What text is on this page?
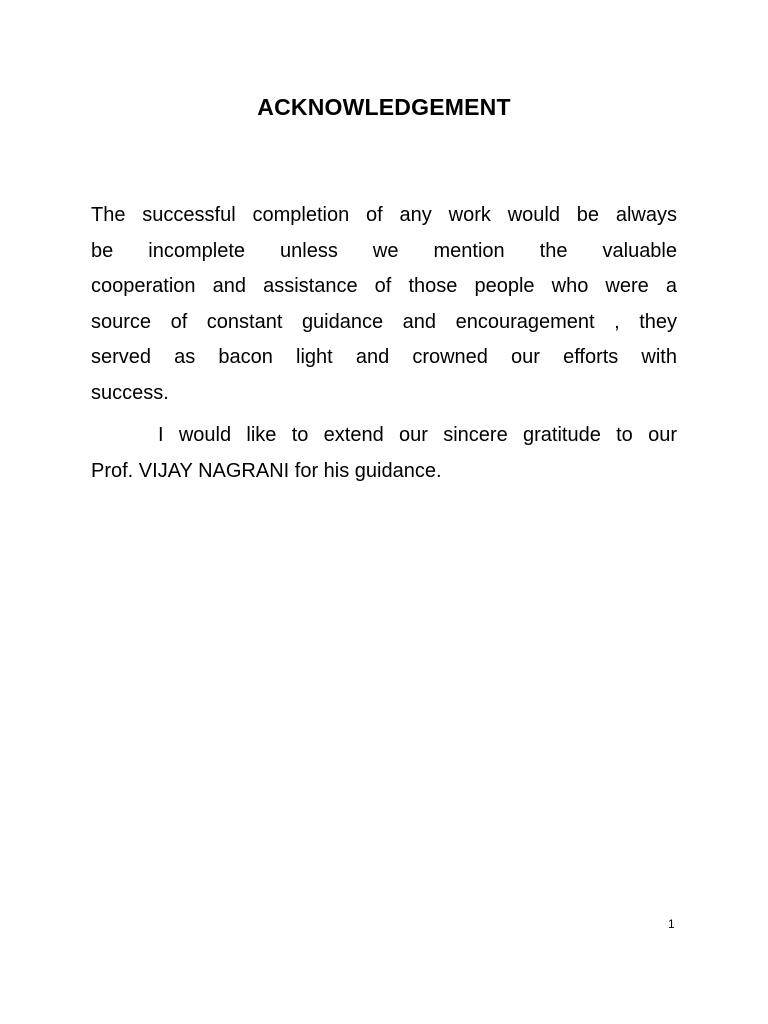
ACKNOWLEDGEMENT
The successful completion of any work would be always
be incomplete unless we mention the valuable
cooperation and assistance of those people who were a
source of constant guidance and encouragement , they
served as bacon light and crowned our efforts with
success.
I would like to extend our sincere gratitude to our
Prof. VIJAY NAGRANI for his guidance.
1
